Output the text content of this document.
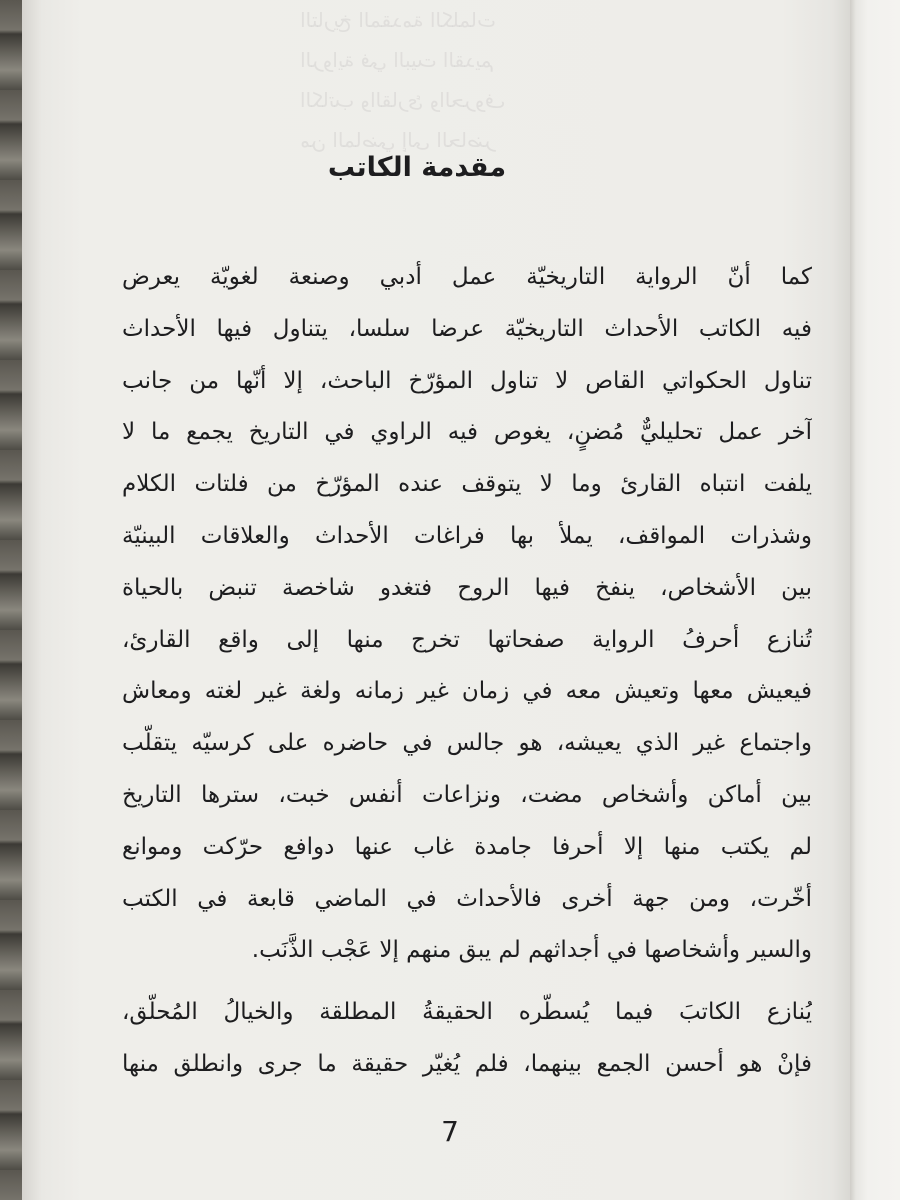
مقدمة الكاتب
كما أنّ الرواية التاريخيّة عمل أدبي وصنعة لغويّة يعرض
فيه الكاتب الأحداث التاريخيّة عرضا سلسا، يتناول فيها الأحداث
تناول الحكواتي القاص لا تناول المؤرّخ الباحث، إلا أنّها من جانب
آخر عمل تحليليٌّ مُضنٍ، يغوص فيه الراوي في التاريخ يجمع ما لا
يلفت انتباه القارئ وما لا يتوقف عنده المؤرّخ من فلتات الكلام
وشذرات المواقف، يملأ بها فراغات الأحداث والعلاقات البينيّة
بين الأشخاص، ينفخ فيها الروح فتغدو شاخصة تنبض بالحياة
تُنازع أحرفُ الرواية صفحاتها تخرج منها إلى واقع القارئ،
فيعيش معها وتعيش معه في زمان غير زمانه ولغة غير لغته ومعاش
واجتماع غير الذي يعيشه، هو جالس في حاضره على كرسيّه يتقلّب
بين أماكن وأشخاص مضت، ونزاعات أنفس خبت، سترها التاريخ
لم يكتب منها إلا أحرفا جامدة غاب عنها دوافع حرّكت وموانع
أخّرت، ومن جهة أخرى فالأحداث في الماضي قابعة في الكتب
والسير وأشخاصها في أجداثهم لم يبق منهم إلا عَجْب الذَّنَب.
يُنازع الكاتبَ فيما يُسطّره الحقيقةُ المطلقة والخيالُ المُحلّق،
فإنْ هو أحسن الجمع بينهما، فلم يُغيّر حقيقة ما جرى وانطلق منها
7
